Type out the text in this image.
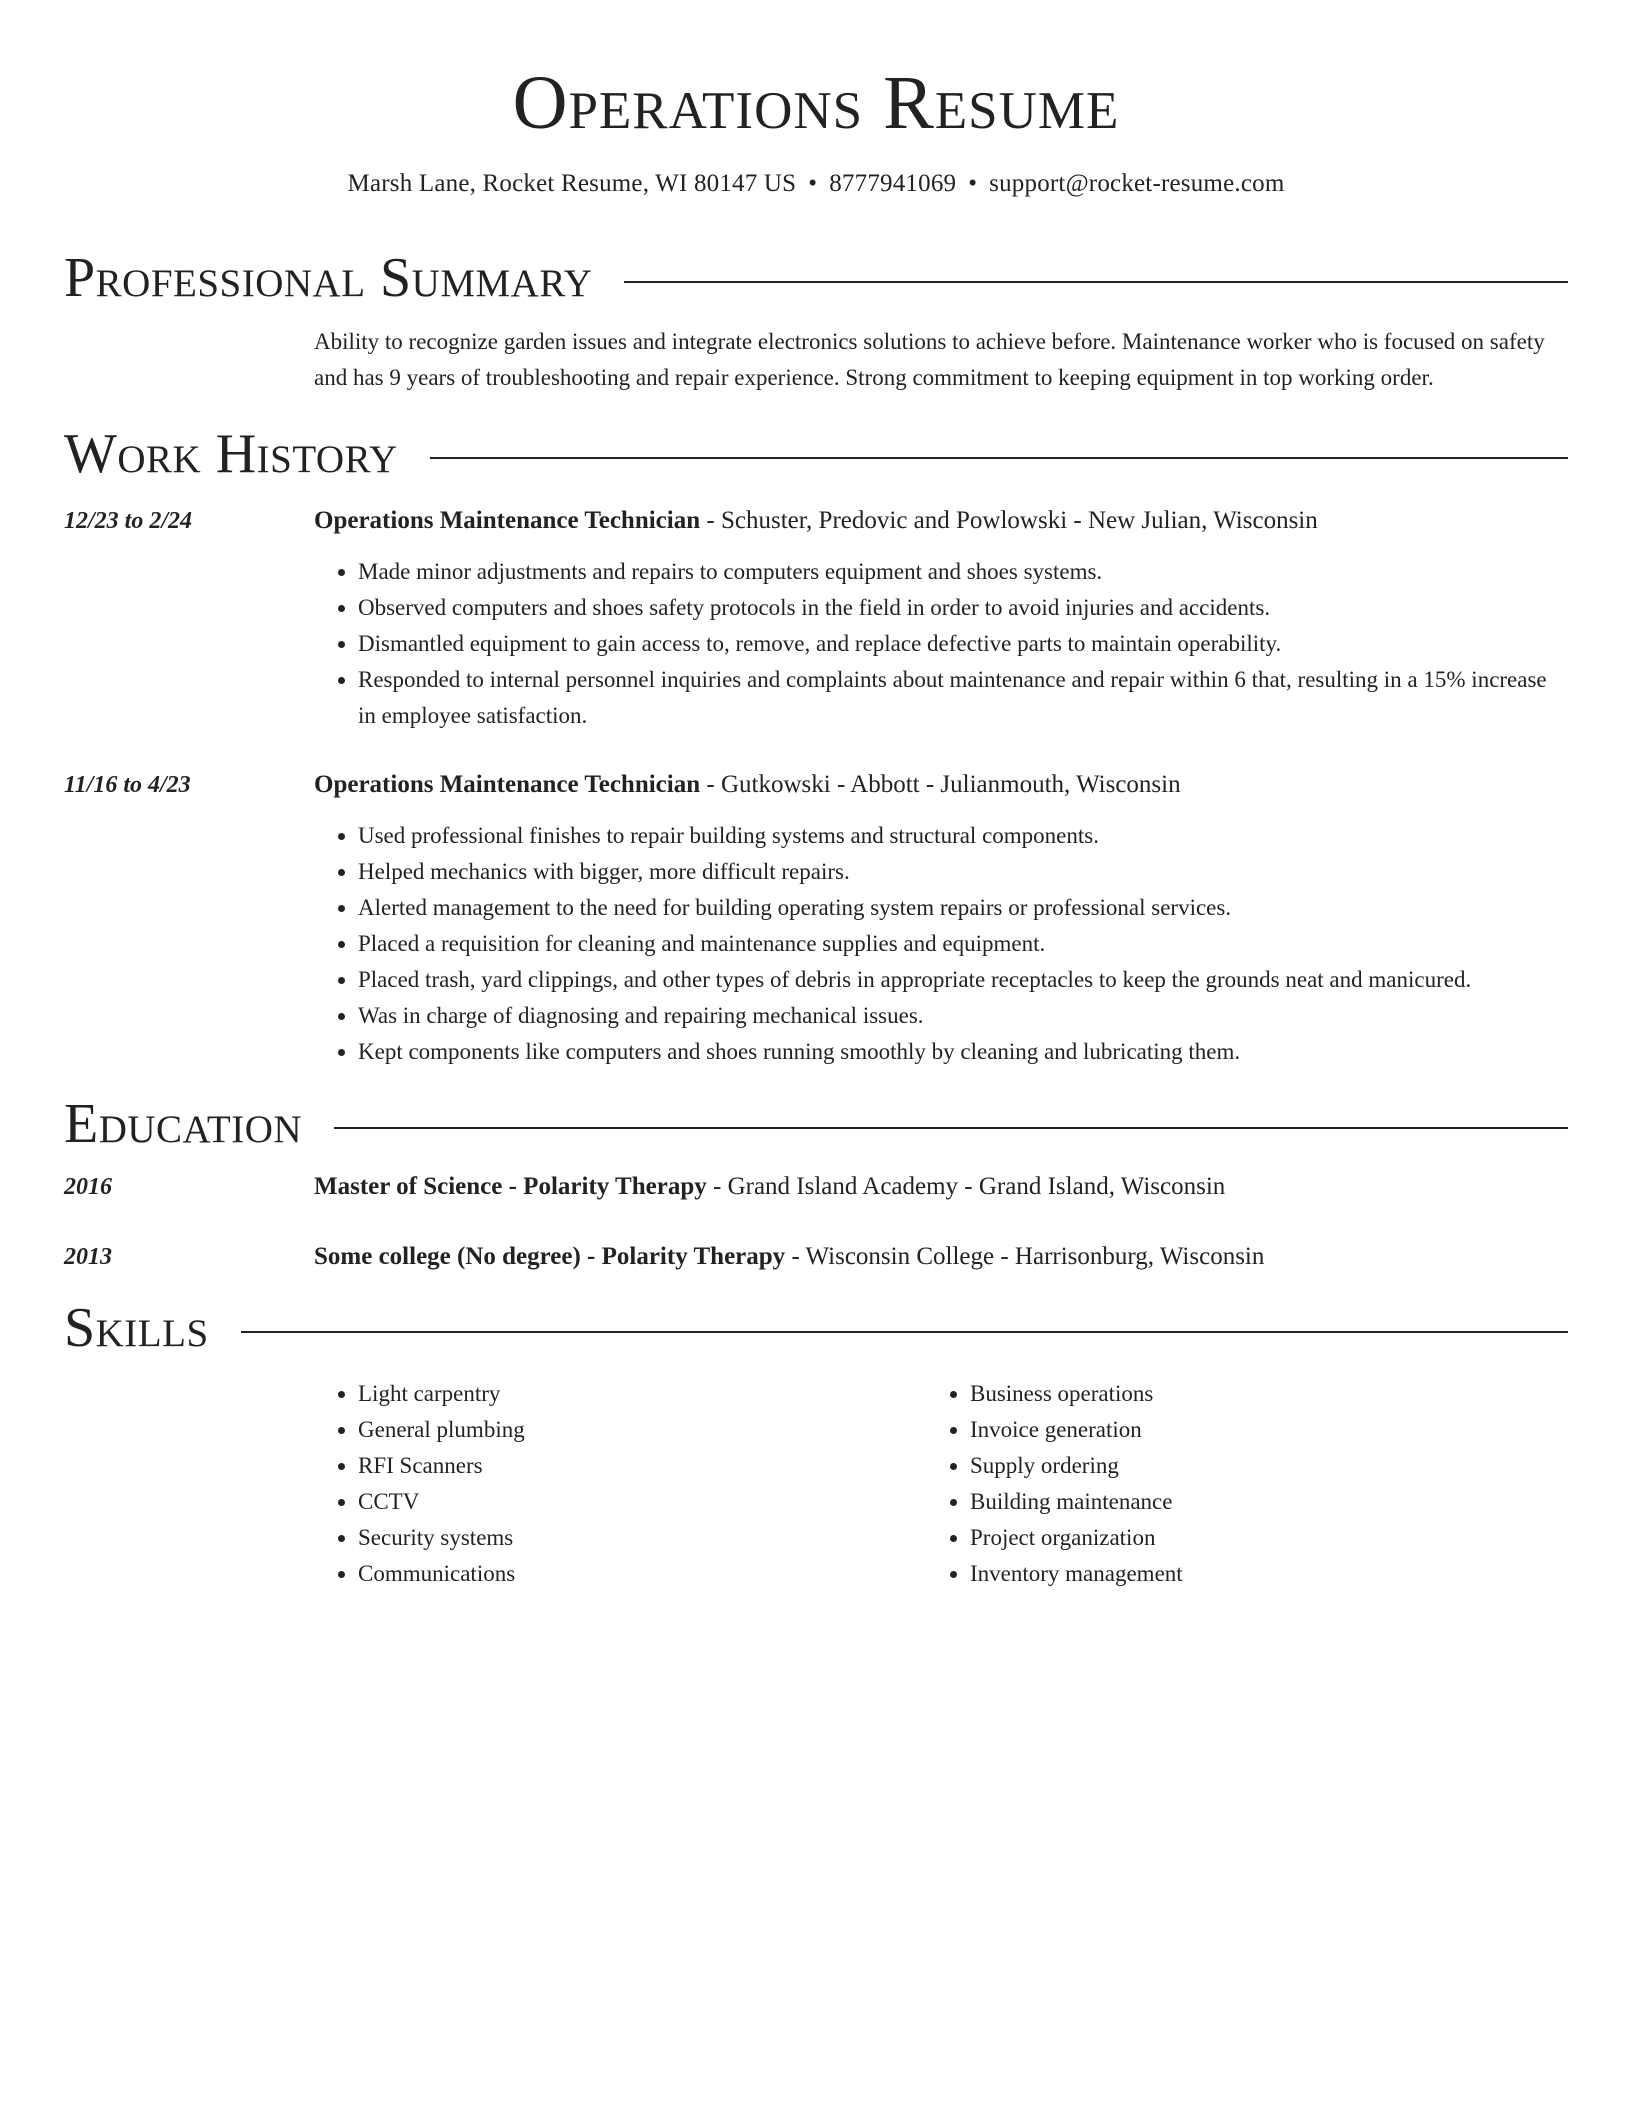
Operations Resume
Marsh Lane, Rocket Resume, WI 80147 US • 8777941069 • support@rocket-resume.com
Professional Summary
Ability to recognize garden issues and integrate electronics solutions to achieve before. Maintenance worker who is focused on safety and has 9 years of troubleshooting and repair experience. Strong commitment to keeping equipment in top working order.
Work History
12/23 to 2/24	Operations Maintenance Technician - Schuster, Predovic and Powlowski - New Julian, Wisconsin
• Made minor adjustments and repairs to computers equipment and shoes systems.
• Observed computers and shoes safety protocols in the field in order to avoid injuries and accidents.
• Dismantled equipment to gain access to, remove, and replace defective parts to maintain operability.
• Responded to internal personnel inquiries and complaints about maintenance and repair within 6 that, resulting in a 15% increase in employee satisfaction.
11/16 to 4/23	Operations Maintenance Technician - Gutkowski - Abbott - Julianmouth, Wisconsin
• Used professional finishes to repair building systems and structural components.
• Helped mechanics with bigger, more difficult repairs.
• Alerted management to the need for building operating system repairs or professional services.
• Placed a requisition for cleaning and maintenance supplies and equipment.
• Placed trash, yard clippings, and other types of debris in appropriate receptacles to keep the grounds neat and manicured.
• Was in charge of diagnosing and repairing mechanical issues.
• Kept components like computers and shoes running smoothly by cleaning and lubricating them.
Education
2016	Master of Science - Polarity Therapy - Grand Island Academy - Grand Island, Wisconsin
2013	Some college (No degree) - Polarity Therapy - Wisconsin College - Harrisonburg, Wisconsin
Skills
• Light carpentry
• General plumbing
• RFI Scanners
• CCTV
• Security systems
• Communications
• Business operations
• Invoice generation
• Supply ordering
• Building maintenance
• Project organization
• Inventory management
